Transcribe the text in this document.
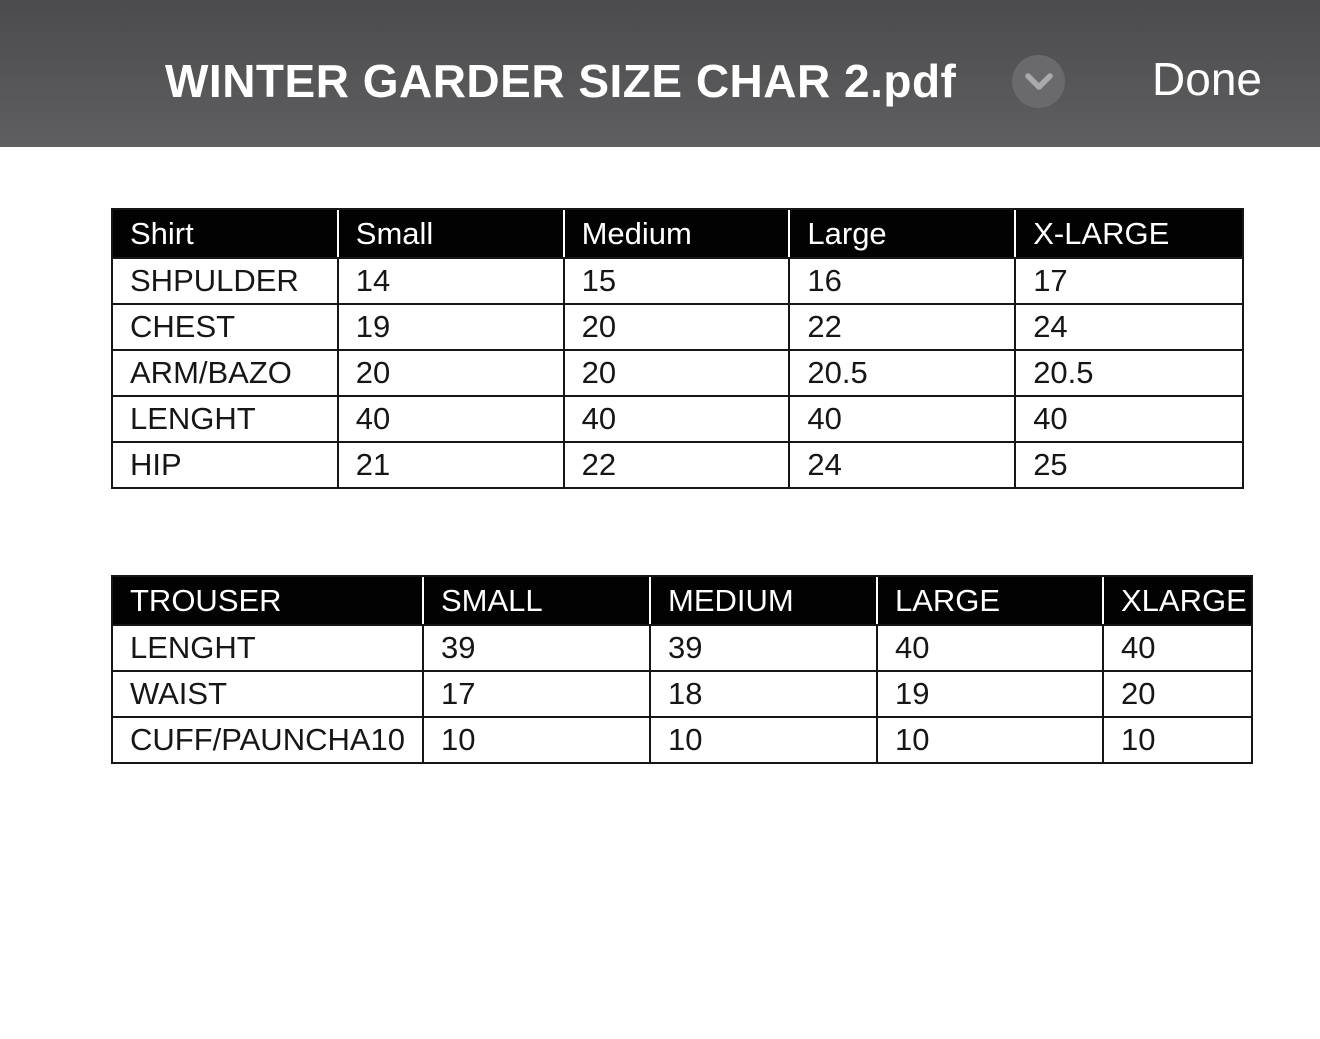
WINTER GARDER SIZE CHAR 2.pdf	Done
Shirt	Small	Medium	Large	X-LARGE
SHPULDER	14	15	16	17
CHEST	19	20	22	24
ARM/BAZO	20	20	20.5	20.5
LENGHT	40	40	40	40
HIP	21	22	24	25
TROUSER	SMALL	MEDIUM	LARGE	XLARGE
LENGHT	39	39	40	40
WAIST	17	18	19	20
CUFF/PAUNCHA10	10	10	10	10
